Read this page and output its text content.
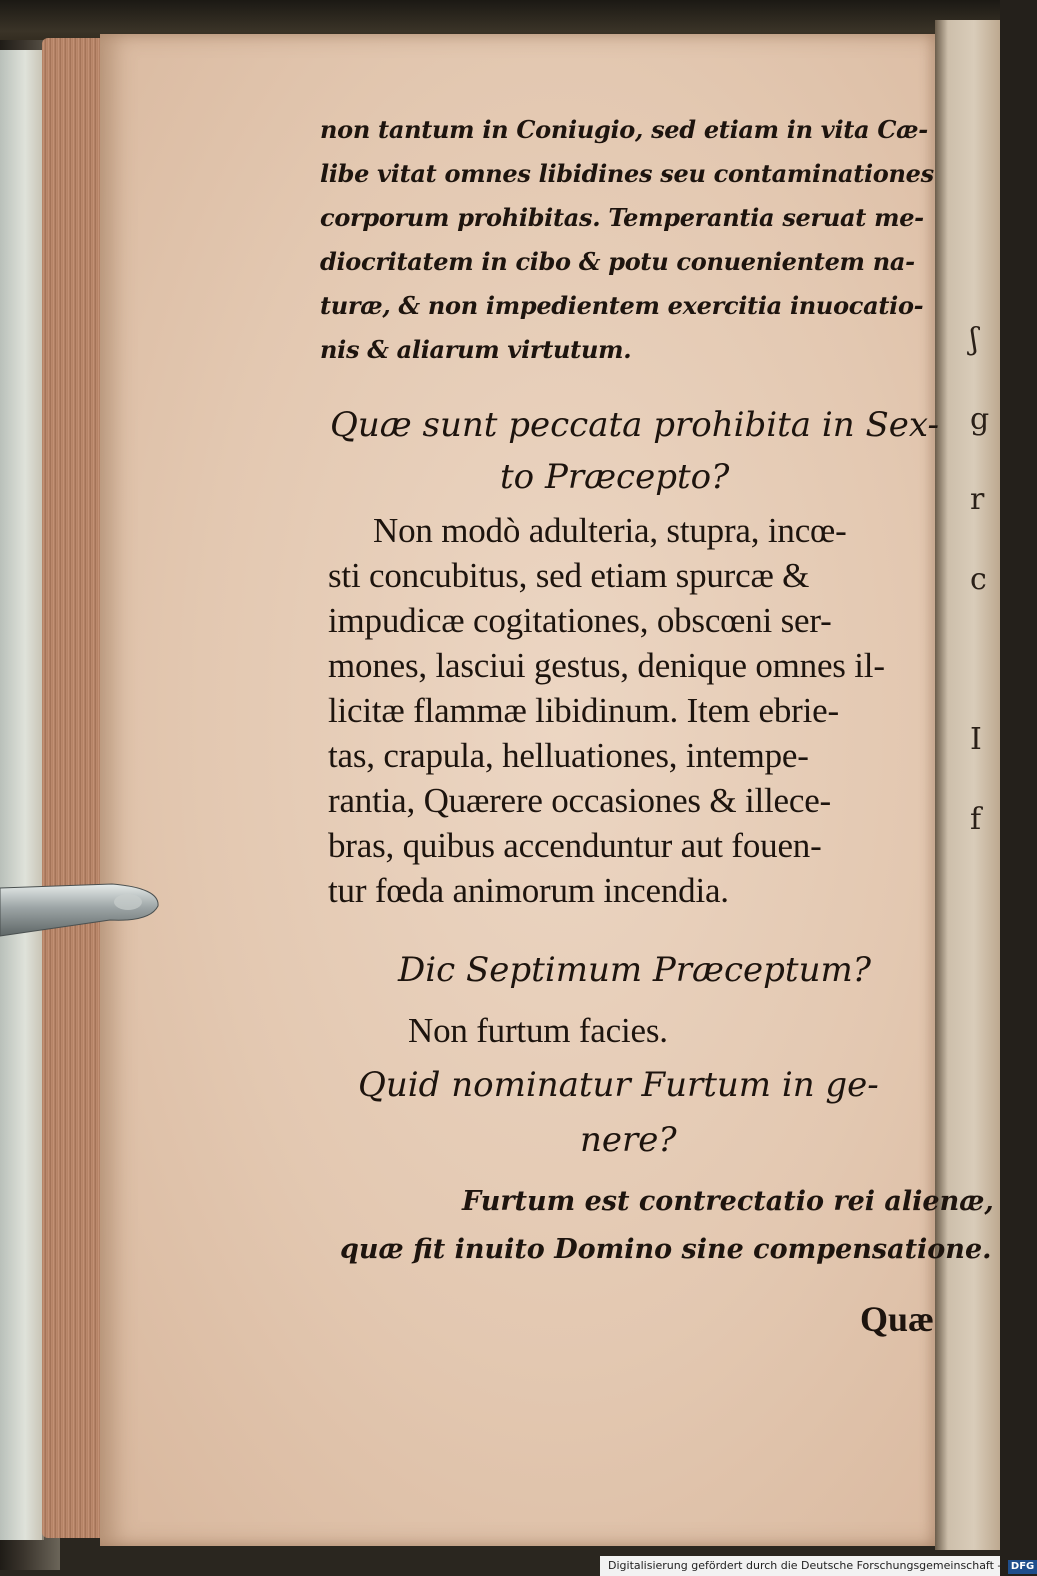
ʃ
g
r
c

I
f
non tantum in Coniugio, sed etiam in vita Cæ-
libe vitat omnes libidines seu contaminationes
corporum prohibitas. Temperantia seruat me-
diocritatem in cibo & potu conuenientem na-
turæ, & non impedientem exercitia inuocatio-
nis & aliarum virtutum.
Quæ sunt peccata prohibita in Sex-
to Præcepto?
Non modò adulteria, stupra, incœ-
sti concubitus, sed etiam spurcæ &
impudicæ cogitationes, obscœni ser-
mones, lasciui gestus, denique omnes il-
licitæ flammæ libidinum. Item ebrie-
tas, crapula, helluationes, intempe-
rantia, Quærere occasiones & illece-
bras, quibus accenduntur aut fouen-
tur fœda animorum incendia.
Dic Septimum Præceptum?
Non furtum facies.
Quid nominatur Furtum in ge-
nere?
Furtum est contrectatio rei alienæ,
quæ fit inuito Domino sine compensatione.
Quæ
Digitalisierung gefördert durch die Deutsche Forschungsgemeinschaft - DFG
